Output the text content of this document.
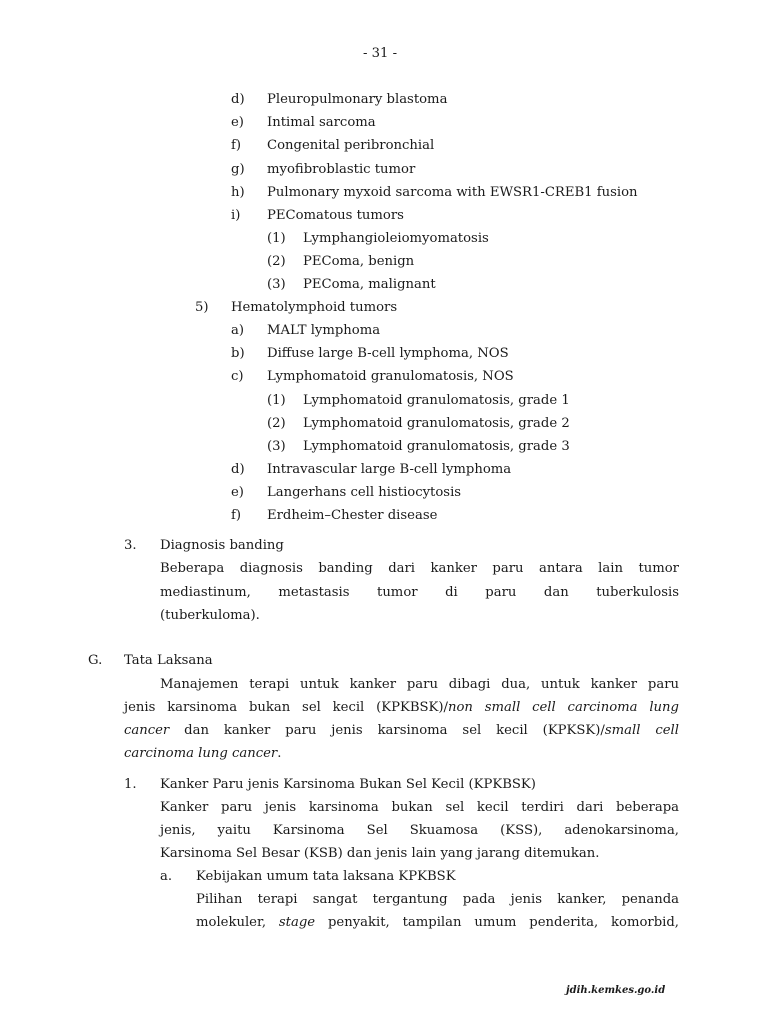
- 31 -
d) Pleuropulmonary blastoma
e) Intimal sarcoma
f) Congenital peribronchial
g) myofibroblastic tumor
h) Pulmonary myxoid sarcoma with EWSR1-CREB1 fusion
i) PEComatous tumors
(1) Lymphangioleiomyomatosis
(2) PEComa, benign
(3) PEComa, malignant
5) Hematolymphoid tumors
a) MALT lymphoma
b) Diffuse large B-cell lymphoma, NOS
c) Lymphomatoid granulomatosis, NOS
(1) Lymphomatoid granulomatosis, grade 1
(2) Lymphomatoid granulomatosis, grade 2
(3) Lymphomatoid granulomatosis, grade 3
d) Intravascular large B-cell lymphoma
e) Langerhans cell histiocytosis
f) Erdheim–Chester disease
3. Diagnosis banding
Beberapa diagnosis banding dari kanker paru antara lain tumor
mediastinum, metastasis tumor di paru dan tuberkulosis
(tuberkuloma).
G. Tata Laksana
Manajemen terapi untuk kanker paru dibagi dua, untuk kanker paru
jenis karsinoma bukan sel kecil (KPKBSK)/non small cell carcinoma lung
cancer dan kanker paru jenis karsinoma sel kecil (KPKSK)/small cell
carcinoma lung cancer.
1. Kanker Paru jenis Karsinoma Bukan Sel Kecil (KPKBSK)
Kanker paru jenis karsinoma bukan sel kecil terdiri dari beberapa
jenis, yaitu Karsinoma Sel Skuamosa (KSS), adenokarsinoma,
Karsinoma Sel Besar (KSB) dan jenis lain yang jarang ditemukan.
a. Kebijakan umum tata laksana KPKBSK
Pilihan terapi sangat tergantung pada jenis kanker, penanda
molekuler, stage penyakit, tampilan umum penderita, komorbid,
jdih.kemkes.go.id
